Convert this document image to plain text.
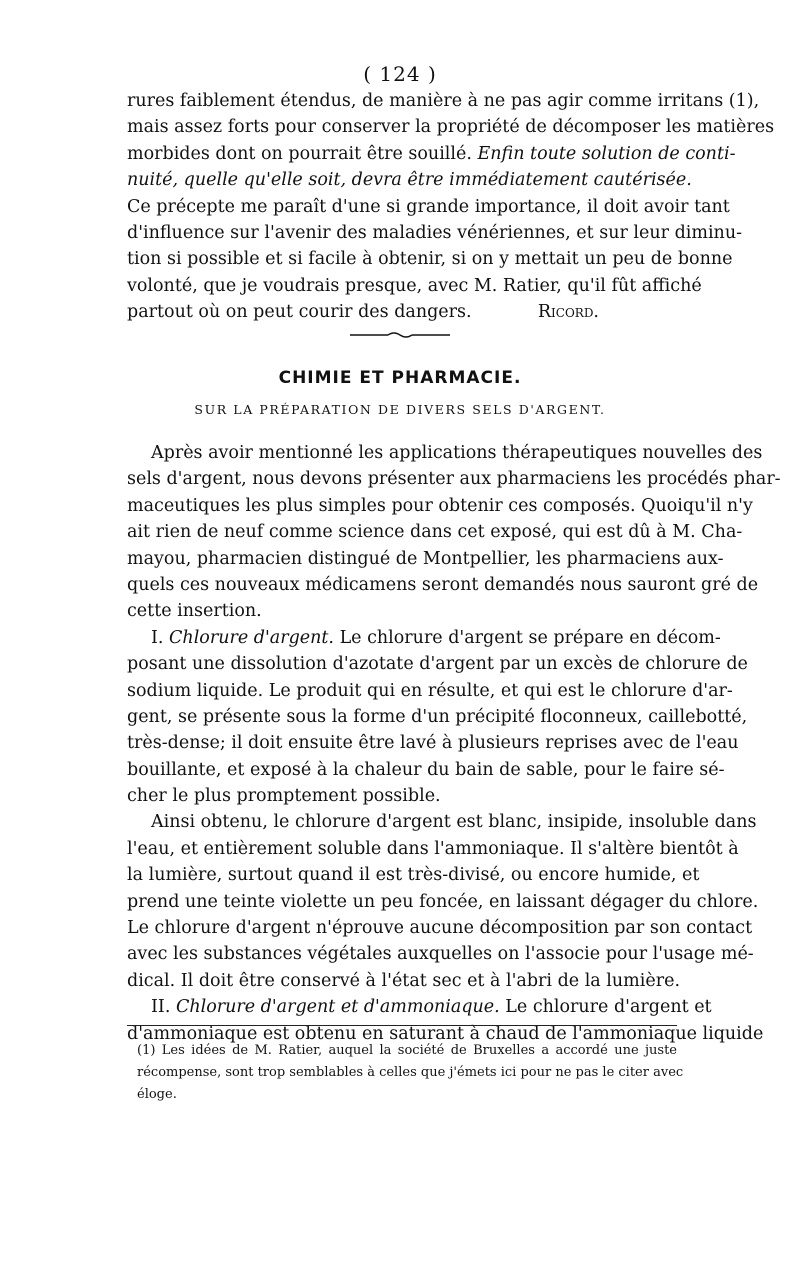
( 124 )
rures faiblement étendus, de manière à ne pas agir comme irritans (1),
mais assez forts pour conserver la propriété de décomposer les matières
morbides dont on pourrait être souillé. Enfin toute solution de conti-
nuité, quelle qu'elle soit, devra être immédiatement cautérisée.
Ce précepte me paraît d'une si grande importance, il doit avoir tant
d'influence sur l'avenir des maladies vénériennes, et sur leur diminu-
tion si possible et si facile à obtenir, si on y mettait un peu de bonne
volonté, que je voudrais presque, avec M. Ratier, qu'il fût affiché
partout où on peut courir des dangers.	Ricord.
CHIMIE ET PHARMACIE.
SUR LA PRÉPARATION DE DIVERS SELS D'ARGENT.
Après avoir mentionné les applications thérapeutiques nouvelles des
sels d'argent, nous devons présenter aux pharmaciens les procédés phar-
maceutiques les plus simples pour obtenir ces composés. Quoiqu'il n'y
ait rien de neuf comme science dans cet exposé, qui est dû à M. Cha-
mayou, pharmacien distingué de Montpellier, les pharmaciens aux-
quels ces nouveaux médicamens seront demandés nous sauront gré de
cette insertion.
I. Chlorure d'argent. Le chlorure d'argent se prépare en décom-
posant une dissolution d'azotate d'argent par un excès de chlorure de
sodium liquide. Le produit qui en résulte, et qui est le chlorure d'ar-
gent, se présente sous la forme d'un précipité floconneux, caillebotté,
très-dense; il doit ensuite être lavé à plusieurs reprises avec de l'eau
bouillante, et exposé à la chaleur du bain de sable, pour le faire sé-
cher le plus promptement possible.
Ainsi obtenu, le chlorure d'argent est blanc, insipide, insoluble dans
l'eau, et entièrement soluble dans l'ammoniaque. Il s'altère bientôt à
la lumière, surtout quand il est très-divisé, ou encore humide, et
prend une teinte violette un peu foncée, en laissant dégager du chlore.
Le chlorure d'argent n'éprouve aucune décomposition par son contact
avec les substances végétales auxquelles on l'associe pour l'usage mé-
dical. Il doit être conservé à l'état sec et à l'abri de la lumière.
II. Chlorure d'argent et d'ammoniaque. Le chlorure d'argent et
d'ammoniaque est obtenu en saturant à chaud de l'ammoniaque liquide
(1) Les idées de M. Ratier, auquel la société de Bruxelles a accordé une juste
récompense, sont trop semblables à celles que j'émets ici pour ne pas le citer avec
éloge.
